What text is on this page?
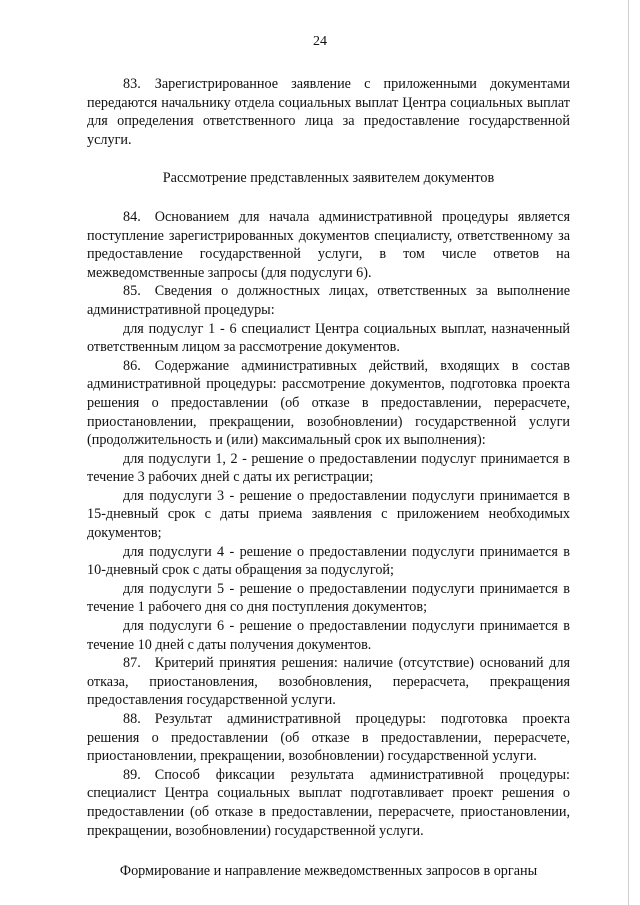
24

83. Зарегистрированное заявление с приложенными документами передаются начальнику отдела социальных выплат Центра социальных выплат для определения ответственного лица за предоставление государственной услуги.

Рассмотрение представленных заявителем документов

84. Основанием для начала административной процедуры является поступление зарегистрированных документов специалисту, ответственному за предоставление государственной услуги, в том числе ответов на межведомственные запросы (для подуслуги 6).

85. Сведения о должностных лицах, ответственных за выполнение административной процедуры:

для подуслуг 1 - 6 специалист Центра социальных выплат, назначенный ответственным лицом за рассмотрение документов.

86. Содержание административных действий, входящих в состав административной процедуры: рассмотрение документов, подготовка проекта решения о предоставлении (об отказе в предоставлении, перерасчете, приостановлении, прекращении, возобновлении) государственной услуги (продолжительность и (или) максимальный срок их выполнения):

для подуслуги 1, 2 - решение о предоставлении подуслуг принимается в течение 3 рабочих дней с даты их регистрации;

для подуслуги 3 - решение о предоставлении подуслуги принимается в 15-дневный срок с даты приема заявления с приложением необходимых документов;

для подуслуги 4 - решение о предоставлении подуслуги принимается в 10-дневный срок с даты обращения за подуслугой;

для подуслуги 5 - решение о предоставлении подуслуги принимается в течение 1 рабочего дня со дня поступления документов;

для подуслуги 6 - решение о предоставлении подуслуги принимается в течение 10 дней с даты получения документов.

87. Критерий принятия решения: наличие (отсутствие) оснований для отказа, приостановления, возобновления, перерасчета, прекращения предоставления государственной услуги.

88. Результат административной процедуры: подготовка проекта решения о предоставлении (об отказе в предоставлении, перерасчете, приостановлении, прекращении, возобновлении) государственной услуги.

89. Способ фиксации результата административной процедуры: специалист Центра социальных выплат подготавливает проект решения о предоставлении (об отказе в предоставлении, перерасчете, приостановлении, прекращении, возобновлении) государственной услуги.

Формирование и направление межведомственных запросов в органы
